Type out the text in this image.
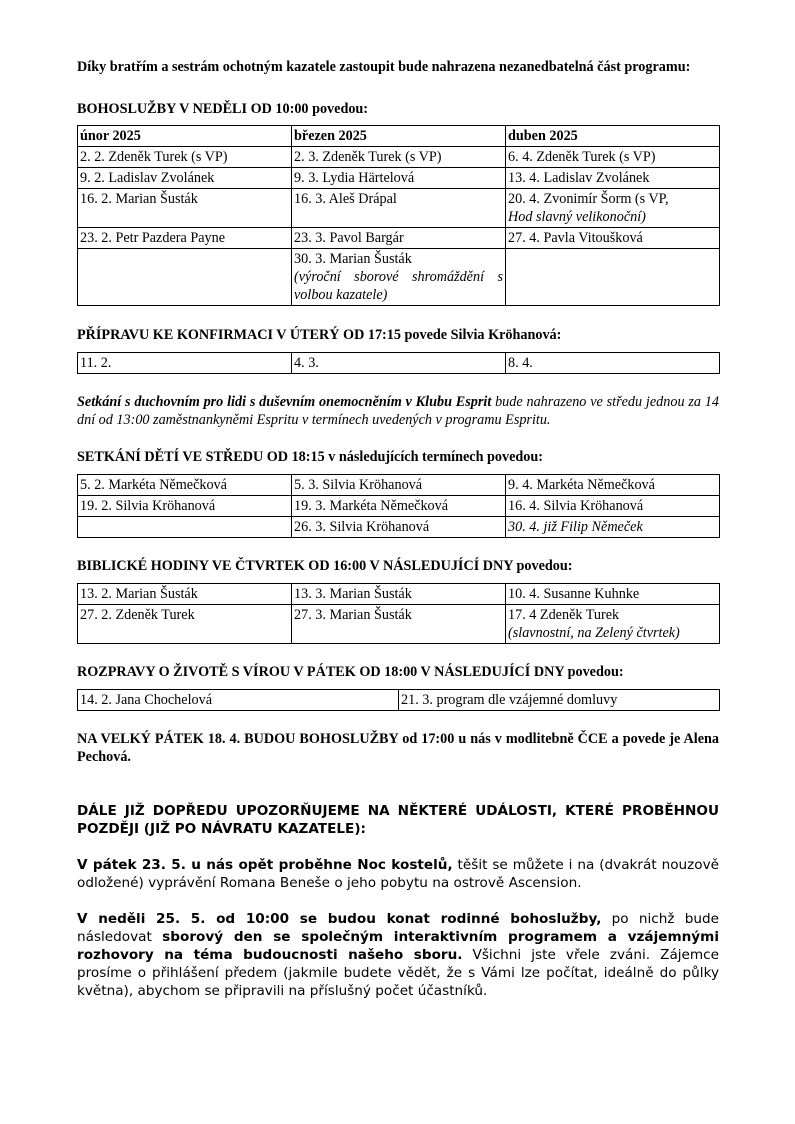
Díky bratřím a sestrám ochotným kazatele zastoupit bude nahrazena nezanedbatelná část programu:

BOHOSLUŽBY V NEDĚLI OD 10:00 povedou:

únor 2025	březen 2025	duben 2025
2. 2. Zdeněk Turek (s VP)	2. 3. Zdeněk Turek (s VP)	6. 4. Zdeněk Turek (s VP)
9. 2. Ladislav Zvolánek	9. 3. Lydia Härtelová	13. 4. Ladislav Zvolánek
16. 2. Marian Šusták	16. 3. Aleš Drápal	20. 4. Zvonimír Šorm (s VP,
Hod slavný velikonoční)

23. 2. Petr Pazdera Payne	23. 3. Pavol Bargár	27. 4. Pavla Vitoušková
	30. 3. Marian Šusták
(výroční sborové shromáždění s volbou kazatele)	

PŘÍPRAVU KE KONFIRMACI V ÚTERÝ OD 17:15 povede Silvia Kröhanová:

11. 2.	4. 3.	8. 4.

Setkání s duchovním pro lidi s duševním onemocněním v Klubu Esprit bude nahrazeno ve středu jednou za 14 dní od 13:00 zaměstnankyněmi Espritu v termínech uvedených v programu Espritu.

SETKÁNÍ DĚTÍ VE STŘEDU OD 18:15 v následujících termínech povedou:

5. 2. Markéta Němečková	5. 3. Silvia Kröhanová	9. 4. Markéta Němečková
19. 2. Silvia Kröhanová	19. 3. Markéta Němečková	16. 4. Silvia Kröhanová
	26. 3. Silvia Kröhanová	30. 4. již Filip Němeček

BIBLICKÉ HODINY VE ČTVRTEK OD 16:00 V NÁSLEDUJÍCÍ DNY povedou:

13. 2. Marian Šusták	13. 3. Marian Šusták	10. 4. Susanne Kuhnke
27. 2. Zdeněk Turek	27. 3. Marian Šusták	17. 4 Zdeněk Turek
(slavnostní, na Zelený čtvrtek)

ROZPRAVY O ŽIVOTĚ S VÍROU V PÁTEK OD 18:00 V NÁSLEDUJÍCÍ DNY povedou:

14. 2. Jana Chochelová	21. 3. program dle vzájemné domluvy

NA VELKÝ PÁTEK 18. 4. BUDOU BOHOSLUŽBY od 17:00 u nás v modlitebně ČCE a povede je Alena Pechová.

DÁLE JIŽ DOPŘEDU UPOZORŇUJEME NA NĚKTERÉ UDÁLOSTI, KTERÉ PROBĚHNOU POZDĚJI (JIŽ PO NÁVRATU KAZATELE):

V pátek 23. 5. u nás opět proběhne Noc kostelů, těšit se můžete i na (dvakrát nouzově odložené) vyprávění Romana Beneše o jeho pobytu na ostrově Ascension.

V neděli 25. 5. od 10:00 se budou konat rodinné bohoslužby, po nichž bude následovat sborový den se společným interaktivním programem a vzájemnými rozhovory na téma budoucnosti našeho sboru. Všichni jste vřele zváni. Zájemce prosíme o přihlášení předem (jakmile budete vědět, že s Vámi lze počítat, ideálně do půlky května), abychom se připravili na příslušný počet účastníků.
